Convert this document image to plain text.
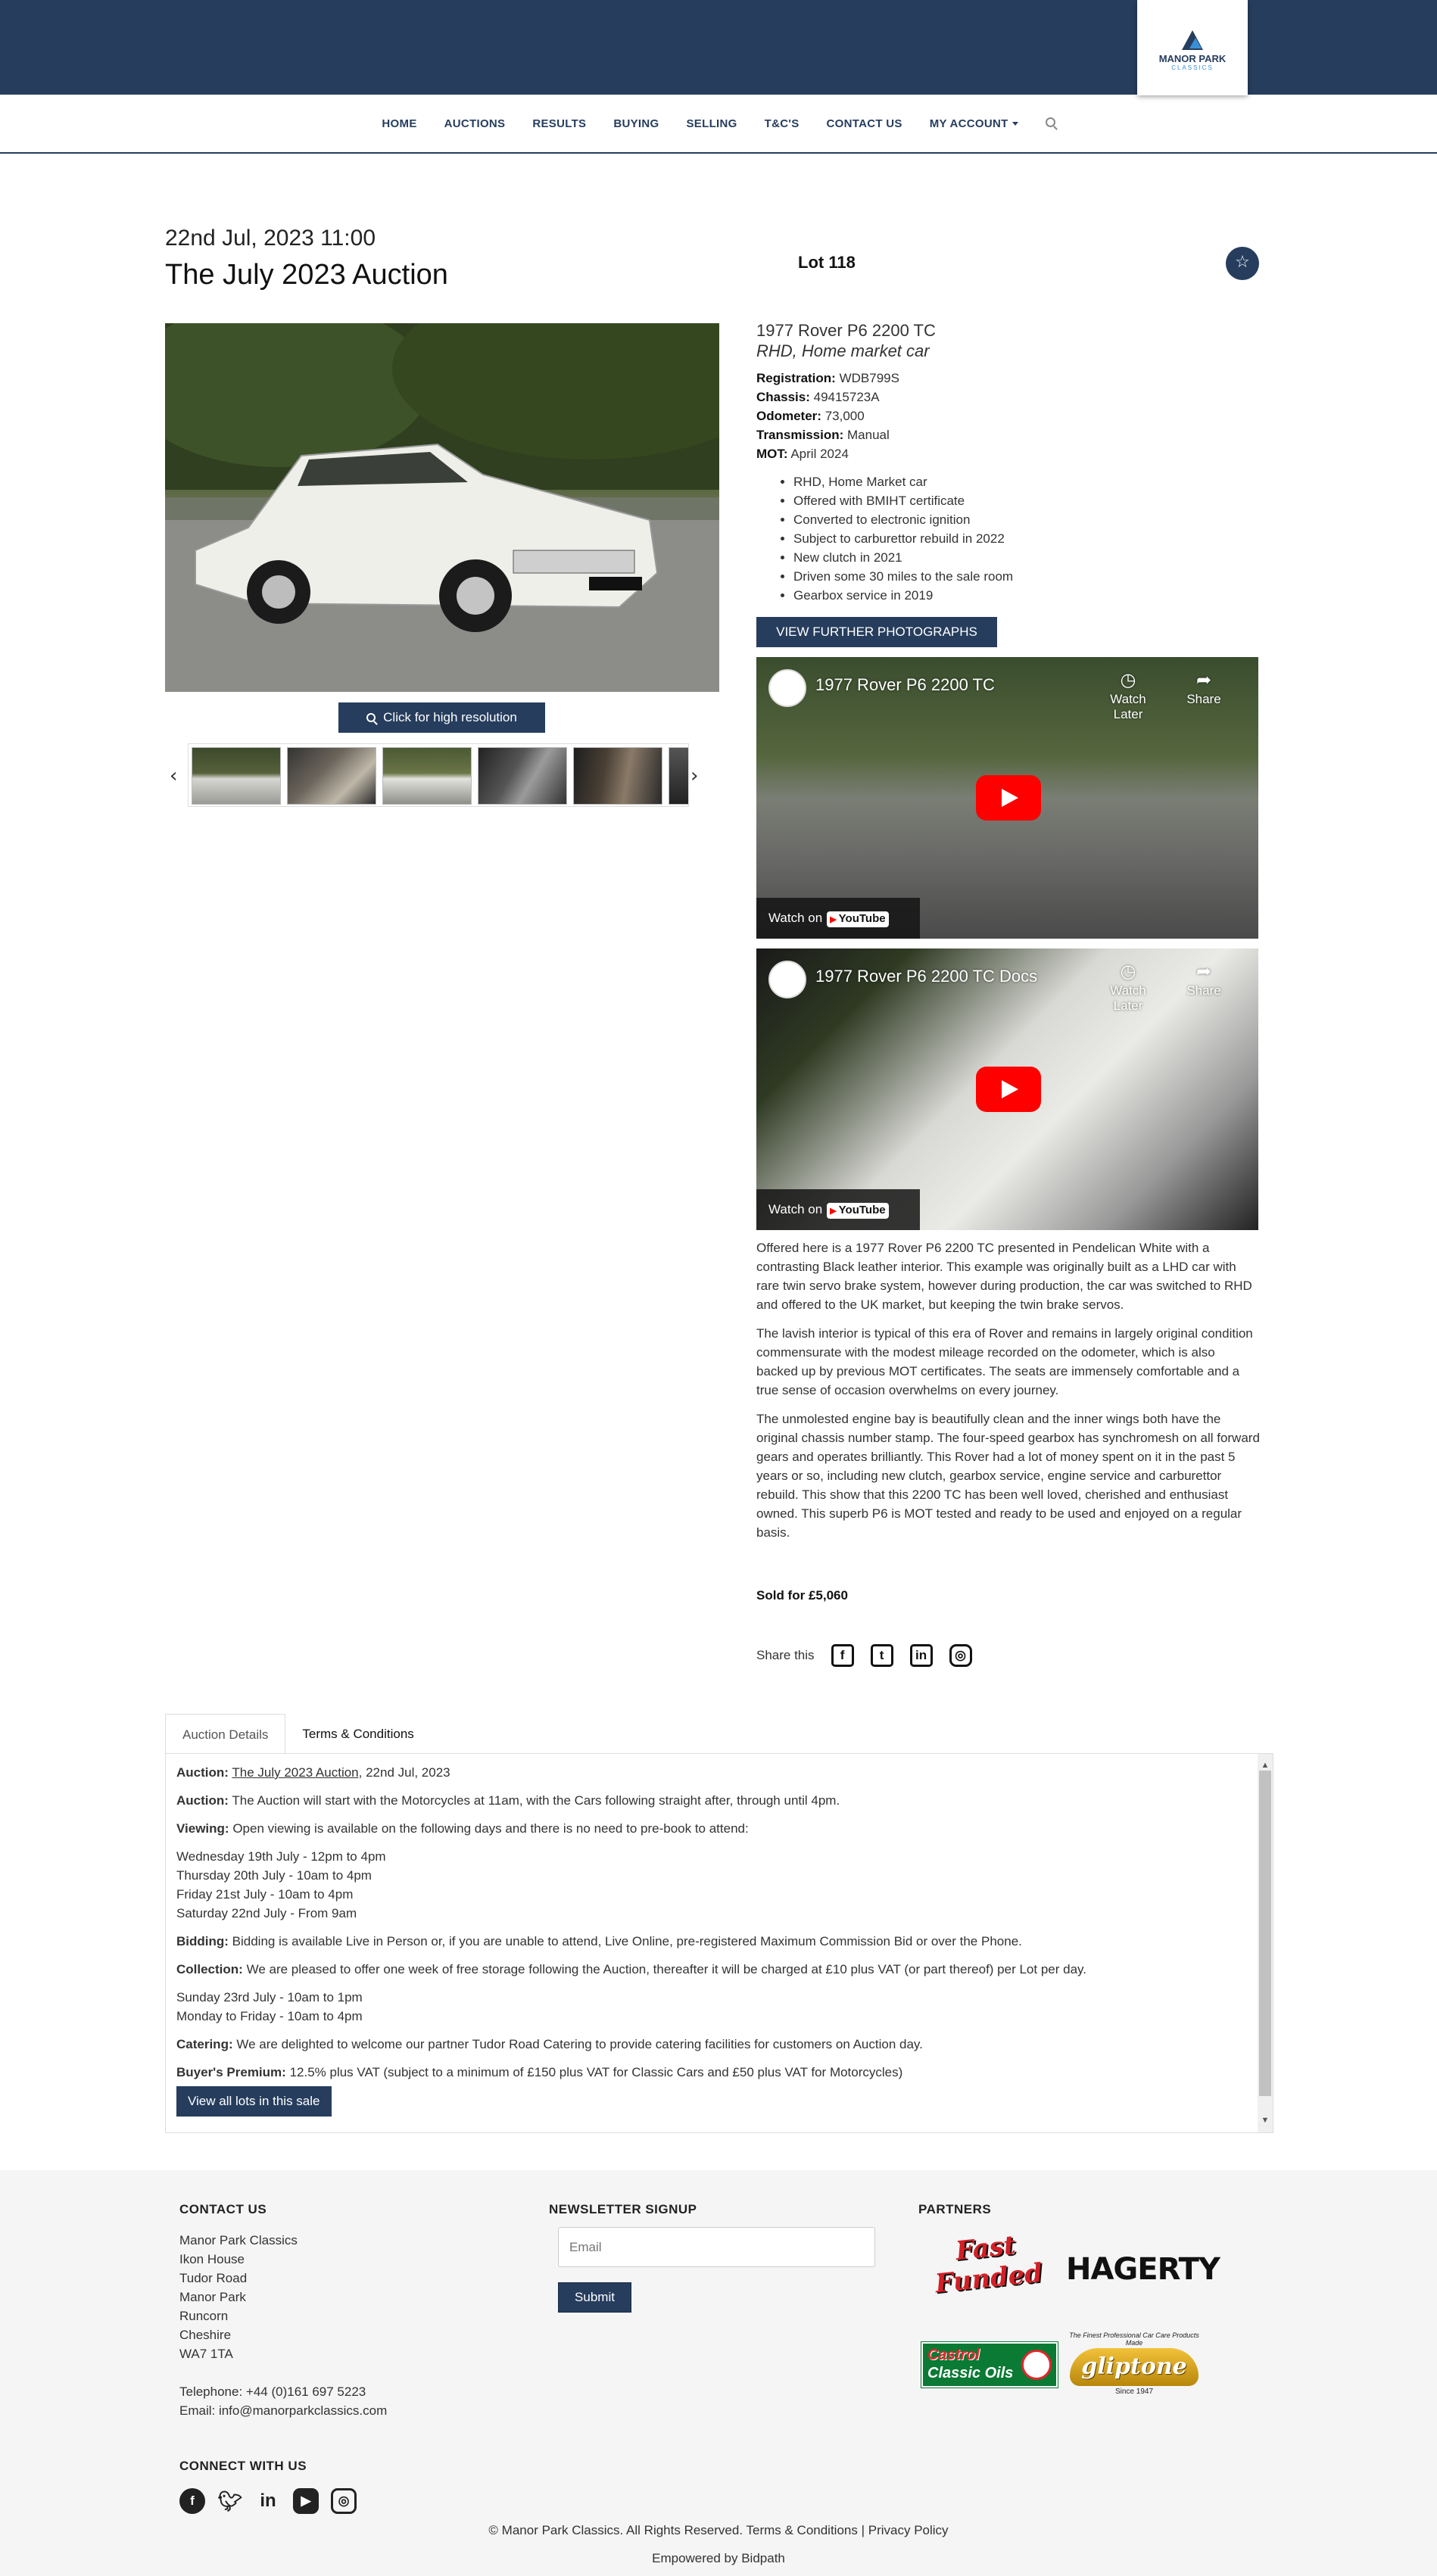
MANOR PARK
CLASSICS
HOME	AUCTIONS	RESULTS	BUYING	SELLING	T&C'S	CONTACT US	MY ACCOUNT
22nd Jul, 2023 11:00
The July 2023 Auction	Lot 118	☆
Click for high resolution
‹	›
1977 Rover P6 2200 TC
RHD, Home market car
Registration: WDB799S
Chassis: 49415723A
Odometer: 73,000
Transmission: Manual
MOT: April 2024
• RHD, Home Market car
• Offered with BMIHT certificate
• Converted to electronic ignition
• Subject to carburettor rebuild in 2022
• New clutch in 2021
• Driven some 30 miles to the sale room
• Gearbox service in 2019
VIEW FURTHER PHOTOGRAPHS
1977 Rover P6 2200 TC	◷
Watch Later
➦
Share
Watch on ▶ YouTube
1977 Rover P6 2200 TC Docs	◷
Watch Later
➦
Share
Watch on ▶ YouTube

Offered here is a 1977 Rover P6 2200 TC presented in Pendelican White with a contrasting Black leather interior. This example was originally built as a LHD car with rare twin servo brake system, however during production, the car was switched to RHD and offered to the UK market, but keeping the twin brake servos.

The lavish interior is typical of this era of Rover and remains in largely original condition commensurate with the modest mileage recorded on the odometer, which is also backed up by previous MOT certificates. The seats are immensely comfortable and a true sense of occasion overwhelms on every journey.

The unmolested engine bay is beautifully clean and the inner wings both have the original chassis number stamp. The four-speed gearbox has synchromesh on all forward gears and operates brilliantly. This Rover had a lot of money spent on it in the past 5 years or so, including new clutch, gearbox service, engine service and carburettor rebuild. This show that this 2200 TC has been well loved, cherished and enthusiast owned. This superb P6 is MOT tested and ready to be used and enjoyed on a regular basis.

Sold for £5,060
Share this	f	t	in	◎
Auction Details	Terms & Conditions

Auction: The July 2023 Auction, 22nd Jul, 2023

Auction: The Auction will start with the Motorcycles at 11am, with the Cars following straight after, through until 4pm.

Viewing: Open viewing is available on the following days and there is no need to pre-book to attend:

Wednesday 19th July - 12pm to 4pm
Thursday 20th July - 10am to 4pm
Friday 21st July - 10am to 4pm
Saturday 22nd July - From 9am

Bidding: Bidding is available Live in Person or, if you are unable to attend, Live Online, pre-registered Maximum Commission Bid or over the Phone.

Collection: We are pleased to offer one week of free storage following the Auction, thereafter it will be charged at £10 plus VAT (or part thereof) per Lot per day.

Sunday 23rd July - 10am to 1pm
Monday to Friday - 10am to 4pm

Catering: We are delighted to welcome our partner Tudor Road Catering to provide catering facilities for customers on Auction day.

Buyer's Premium: 12.5% plus VAT (subject to a minimum of £150 plus VAT for Classic Cars and £50 plus VAT for Motorcycles)

View all lots in this sale
▲
▼
CONTACT US
Manor Park Classics
Ikon House
Tudor Road
Manor Park
Runcorn
Cheshire
WA7 1TA
Telephone: +44 (0)161 697 5223
Email: info@manorparkclassics.com
NEWSLETTER SIGNUP
Email
Submit
PARTNERS
Fast Funded HAGERTY
Castrol
Classic Oils
The Finest Professional Car Care Products Made
gliptone
Since 1947
CONNECT WITH US
f	🐦︎ in	▶	◎
© Manor Park Classics. All Rights Reserved. Terms & Conditions | Privacy Policy
Empowered by Bidpath
